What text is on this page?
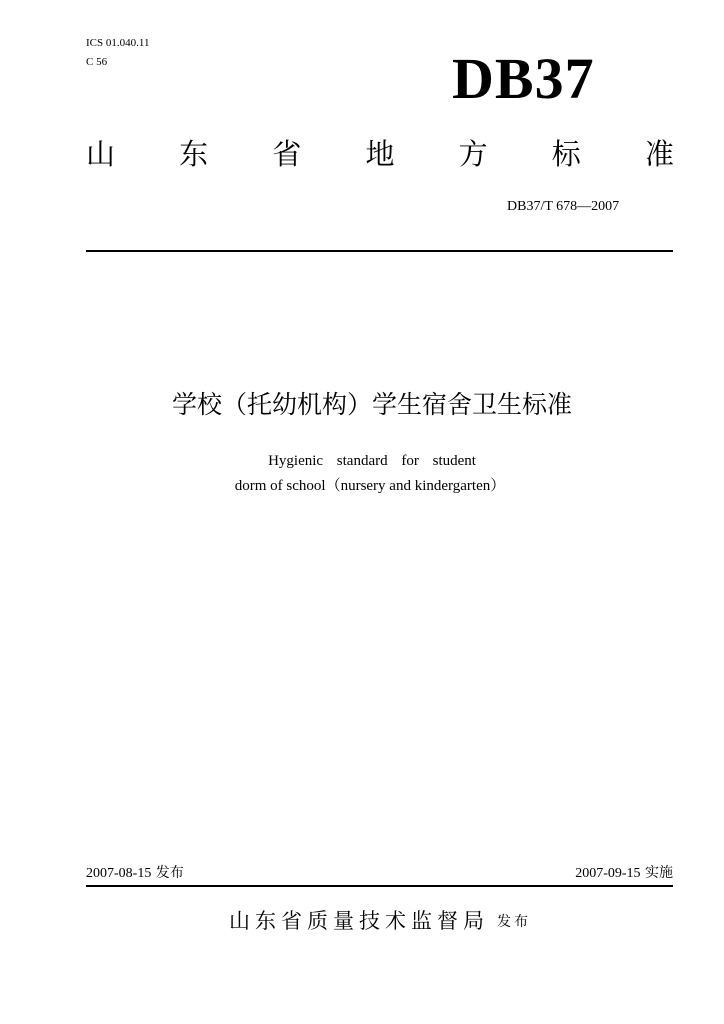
ICS 01.040.11
C 56	DB37
山 东 省 地 方 标 准
DB37/T 678—2007
学校（托幼机构）学生宿舍卫生标准
Hygienic standard for student
dorm of school（nursery and kindergarten）
2007-08-15 发布	2007-09-15 实施
山东省质量技术监督局 发布
